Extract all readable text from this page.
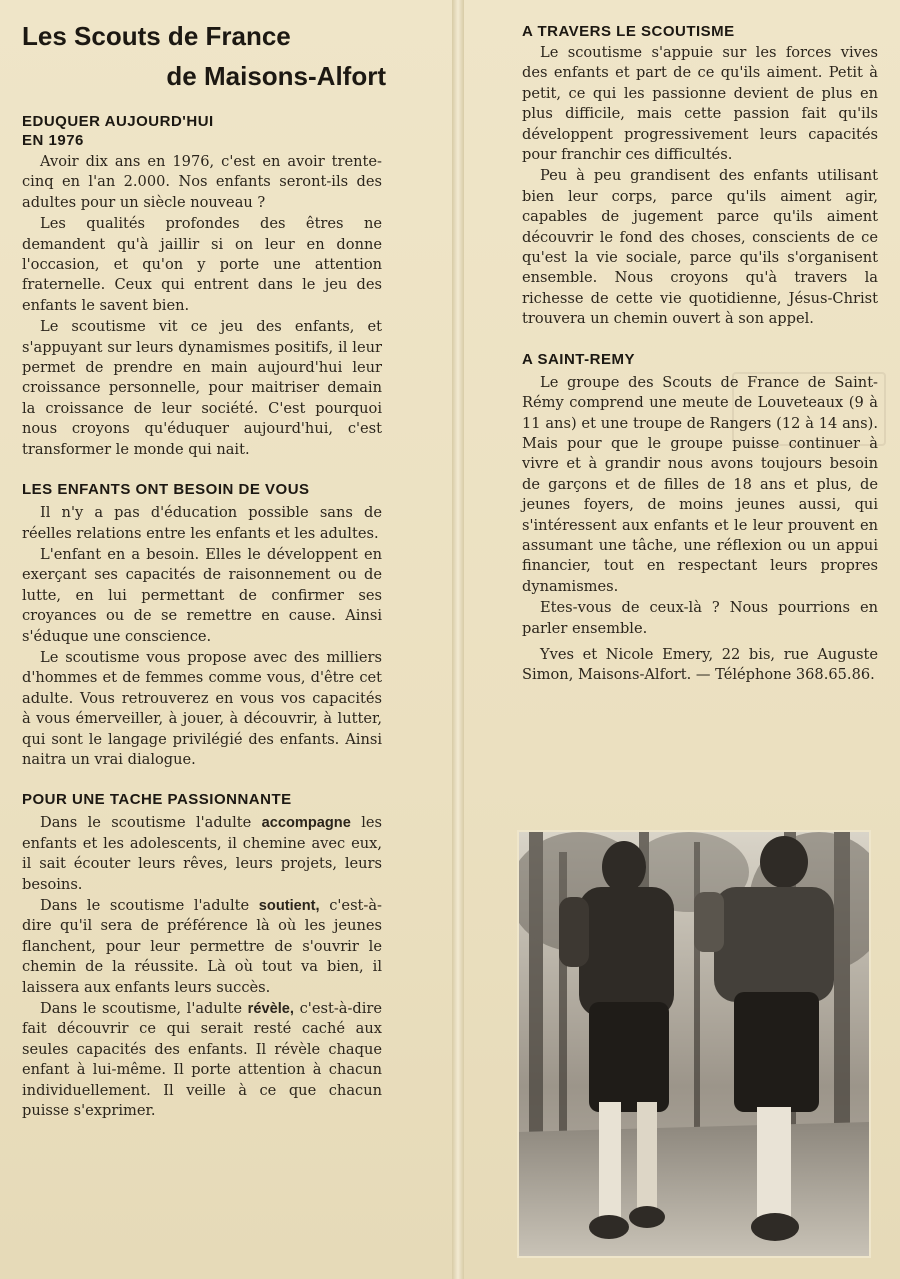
Les Scouts de France
de Maisons-Alfort
EDUQUER AUJOURD'HUI
EN 1976

Avoir dix ans en 1976, c'est en avoir trente-cinq en l'an 2.000. Nos enfants seront-ils des adultes pour un siècle nouveau ?

Les qualités profondes des êtres ne demandent qu'à jaillir si on leur en donne l'occasion, et qu'on y porte une attention fraternelle. Ceux qui entrent dans le jeu des enfants le savent bien.

Le scoutisme vit ce jeu des enfants, et s'appuyant sur leurs dynamismes positifs, il leur permet de prendre en main aujourd'hui leur croissance personnelle, pour maitriser demain la croissance de leur société. C'est pourquoi nous croyons qu'éduquer aujourd'hui, c'est transformer le monde qui nait.

LES ENFANTS ONT BESOIN DE VOUS

Il n'y a pas d'éducation possible sans de réelles relations entre les enfants et les adultes.

L'enfant en a besoin. Elles le développent en exerçant ses capacités de raisonnement ou de lutte, en lui permettant de confirmer ses croyances ou de se remettre en cause. Ainsi s'éduque une conscience.

Le scoutisme vous propose avec des milliers d'hommes et de femmes comme vous, d'être cet adulte. Vous retrouverez en vous vos capacités à vous émerveiller, à jouer, à découvrir, à lutter, qui sont le langage privilégié des enfants. Ainsi naitra un vrai dialogue.

POUR UNE TACHE PASSIONNANTE

Dans le scoutisme l'adulte accompagne les enfants et les adolescents, il chemine avec eux, il sait écouter leurs rêves, leurs projets, leurs besoins.

Dans le scoutisme l'adulte soutient, c'est-à-dire qu'il sera de préférence là où les jeunes flanchent, pour leur permettre de s'ouvrir le chemin de la réussite. Là où tout va bien, il laissera aux enfants leurs succès.

Dans le scoutisme, l'adulte révèle, c'est-à-dire fait découvrir ce qui serait resté caché aux seules capacités des enfants. Il révèle chaque enfant à lui-même. Il porte attention à chacun individuellement. Il veille à ce que chacun puisse s'exprimer.

A TRAVERS LE SCOUTISME

Le scoutisme s'appuie sur les forces vives des enfants et part de ce qu'ils aiment. Petit à petit, ce qui les passionne devient de plus en plus difficile, mais cette passion fait qu'ils développent progressivement leurs capacités pour franchir ces difficultés.

Peu à peu grandisent des enfants utilisant bien leur corps, parce qu'ils aiment agir, capables de jugement parce qu'ils aiment découvrir le fond des choses, conscients de ce qu'est la vie sociale, parce qu'ils s'organisent ensemble. Nous croyons qu'à travers la richesse de cette vie quotidienne, Jésus-Christ trouvera un chemin ouvert à son appel.

A SAINT-REMY

Le groupe des Scouts de France de Saint-Rémy comprend une meute de Louveteaux (9 à 11 ans) et une troupe de Rangers (12 à 14 ans). Mais pour que le groupe puisse continuer à vivre et à grandir nous avons toujours besoin de garçons et de filles de 18 ans et plus, de jeunes foyers, de moins jeunes aussi, qui s'intéressent aux enfants et le leur prouvent en assumant une tâche, une réflexion ou un appui financier, tout en respectant leurs propres dynamismes.

Etes-vous de ceux-là ? Nous pourrions en parler ensemble.

Yves et Nicole Emery, 22 bis, rue Auguste Simon, Maisons-Alfort. — Téléphone 368.65.86.
